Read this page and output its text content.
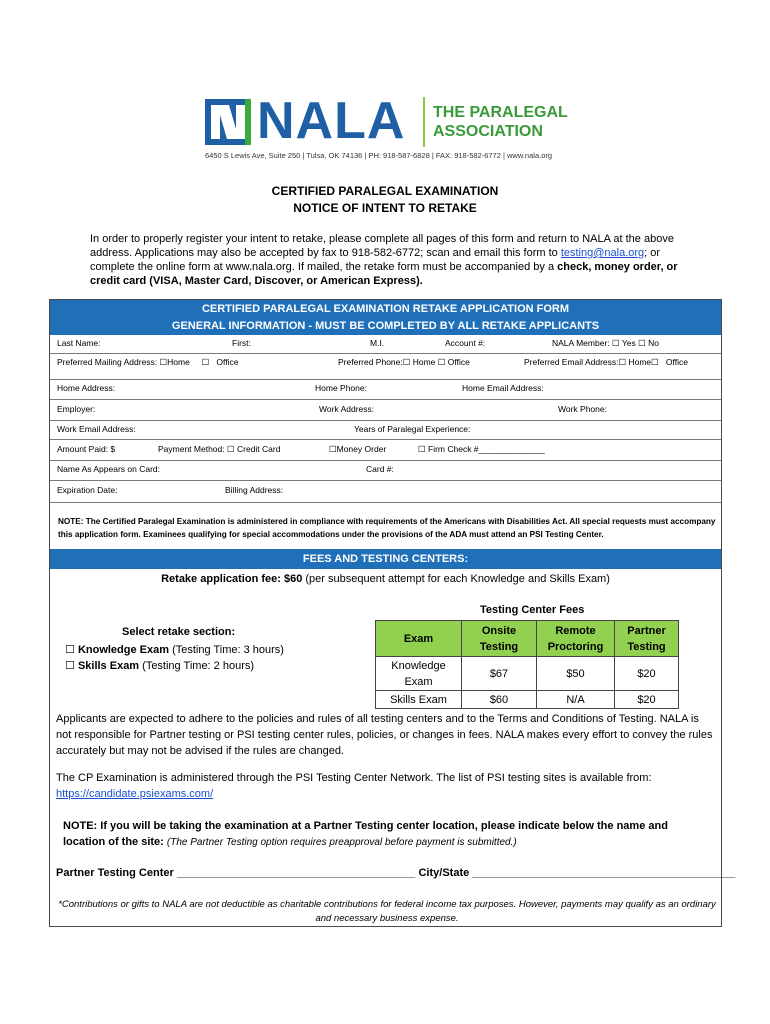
NALA THE PARALEGAL
ASSOCIATION
6450 S Lewis Ave, Suite 250 | Tulsa, OK 74136 | PH: 918-587-6828 | FAX: 918-582-6772 | www.nala.org
CERTIFIED PARALEGAL EXAMINATION
NOTICE OF INTENT TO RETAKE
In order to properly register your intent to retake, please complete all pages of this form and return to NALA at the above address. Applications may also be accepted by fax to 918-582-6772; scan and email this form to testing@nala.org; or complete the online form at www.nala.org. If mailed, the retake form must be accompanied by a check, money order, or credit card (VISA, Master Card, Discover, or American Express).
CERTIFIED PARALEGAL EXAMINATION RETAKE APPLICATION FORM
GENERAL INFORMATION - MUST BE COMPLETED BY ALL RETAKE APPLICANTS
Last Name:	First:	M.I.	Account #:	NALA Member: ☐ Yes ☐ No
Preferred Mailing Address: ☐Home ☐ Office	Preferred Phone:☐ Home ☐ Office	Preferred Email Address:☐ Home☐ Office
Home Address:	Home Phone:	Home Email Address:
Employer:	Work Address:	Work Phone:
Work Email Address:	Years of Paralegal Experience:
Amount Paid: $	Payment Method: ☐ Credit Card	☐Money Order	☐ Firm Check #______________
Name As Appears on Card:	Card #:
Expiration Date:	Billing Address:
NOTE: The Certified Paralegal Examination is administered in compliance with requirements of the Americans with Disabilities Act. All special requests must accompany this application form. Examinees qualifying for special accommodations under the provisions of the ADA must attend an PSI Testing Center.
FEES AND TESTING CENTERS:
Retake application fee: $60 (per subsequent attempt for each Knowledge and Skills Exam)
Select retake section:
☐ Knowledge Exam (Testing Time: 3 hours)
☐ Skills Exam (Testing Time: 2 hours)
Testing Center Fees
Exam	Onsite Testing	Remote Proctoring	Partner Testing
Knowledge Exam	$67	$50	$20
Skills Exam	$60	N/A	$20
Applicants are expected to adhere to the policies and rules of all testing centers and to the Terms and Conditions of Testing. NALA is not responsible for Partner testing or PSI testing center rules, policies, or changes in fees. NALA makes every effort to convey the rules accurately but may not be advised if the rules are changed.
The CP Examination is administered through the PSI Testing Center Network. The list of PSI testing sites is available from:
https://candidate.psiexams.com/
NOTE: If you will be taking the examination at a Partner Testing center location, please indicate below the name and location of the site: (The Partner Testing option requires preapproval before payment is submitted.)
Partner Testing Center _______________________________________ City/State ___________________________________________
*Contributions or gifts to NALA are not deductible as charitable contributions for federal income tax purposes. However, payments may qualify as an ordinary and necessary business expense.
